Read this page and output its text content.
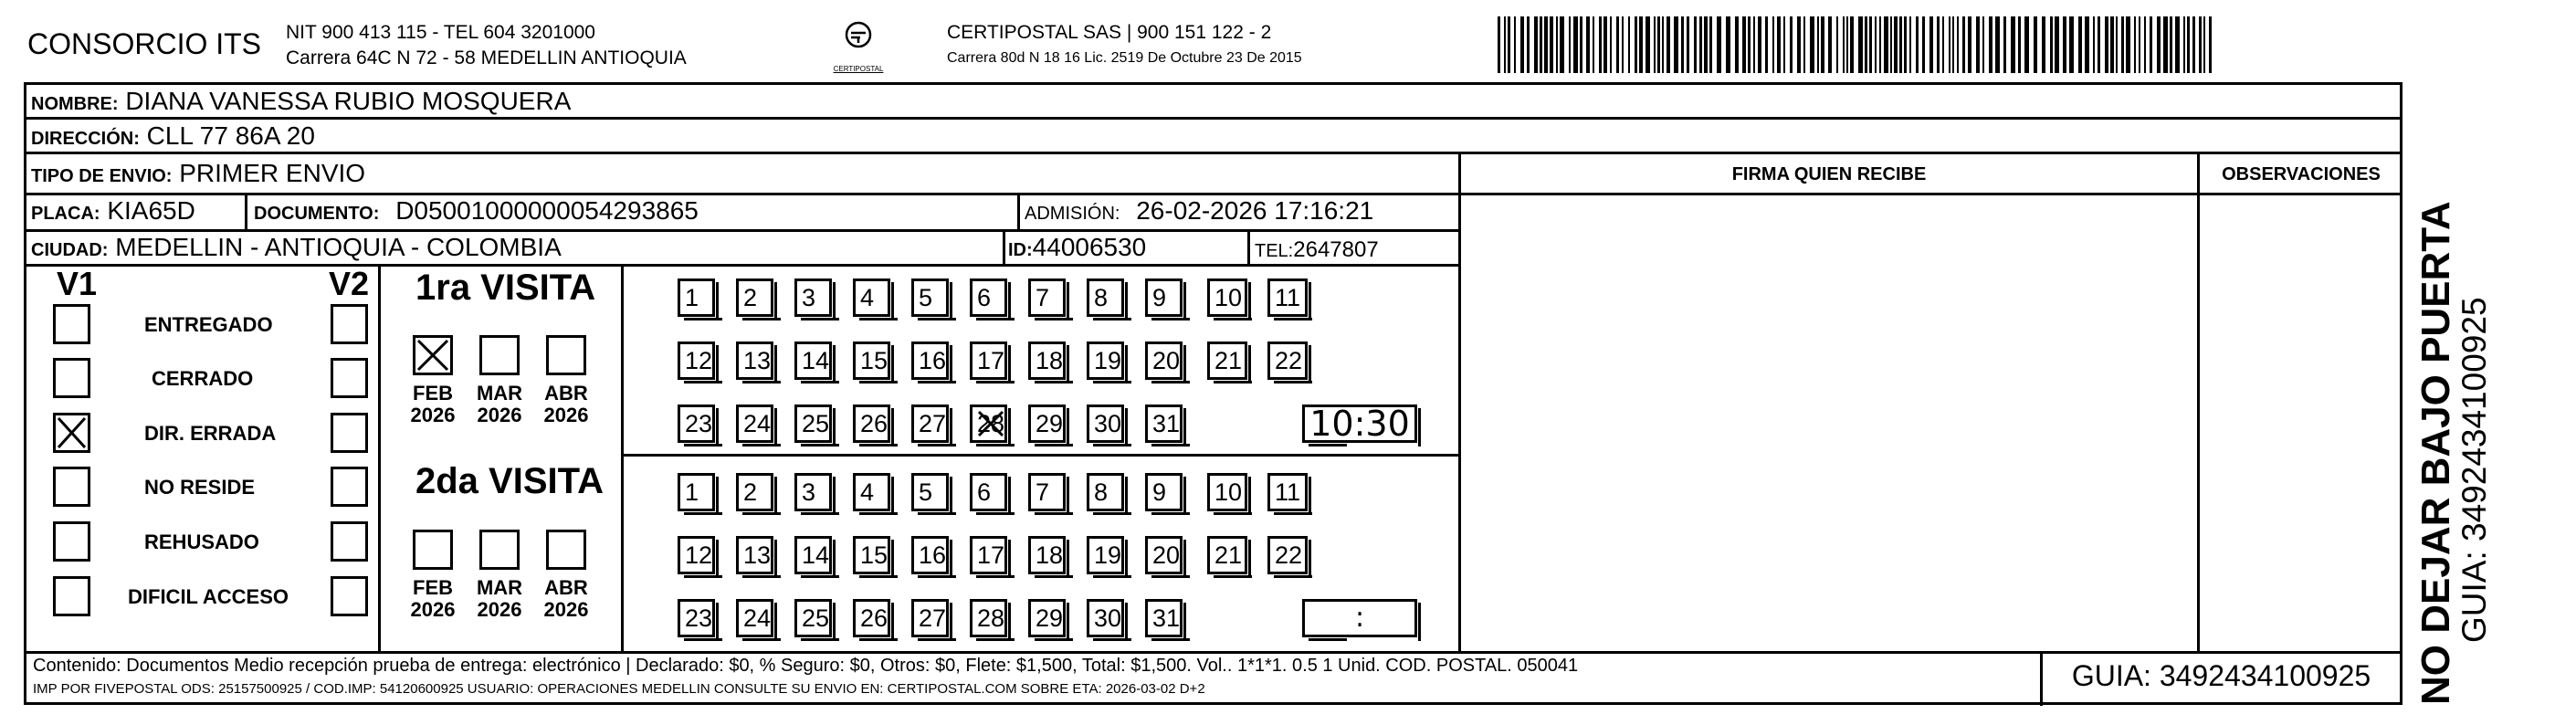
CONSORCIO ITS NIT 900 413 115 - TEL 604 3201000
Carrera 64C N 72 - 58 MEDELLIN ANTIOQUIA
CERTIPOSTAL
CERTIPOSTAL SAS | 900 151 122 - 2
Carrera 80d N 18 16 Lic. 2519 De Octubre 23 De 2015
NOMBRE: DIANA VANESSA RUBIO MOSQUERA
DIRECCIÓN: CLL 77 86A 20
TIPO DE ENVIO: PRIMER ENVIO	FIRMA QUIEN RECIBE	OBSERVACIONES
PLACA: KIA65D	DOCUMENTO: D05001000000054293865	ADMISIÓN: 26-02-2026 17:16:21
CIUDAD: MEDELLIN - ANTIOQUIA - COLOMBIA	ID:44006530	TEL:2647807
V1	V2
ENTREGADO
CERRADO
DIR. ERRADA
NO RESIDE
REHUSADO
DIFICIL ACCESO
1ra VISITA
2da VISITA
FEB
2026
MAR
2026
ABR
2026
FEB
2026
MAR
2026
ABR
2026
1	2	3	4	5	6	7	8	9	10 11
12 13 14 15 16 17 18 19 20 21 22
23 24 25 26 27 28 29 30 31	10:30
1	2	3	4	5	6	7	8	9	10 11
12 13 14 15 16 17 18 19 20 21 22
23 24 25 26 27 28 29 30 31	:
Contenido: Documentos Medio recepción prueba de entrega: electrónico | Declarado: $0, % Seguro: $0, Otros: $0, Flete: $1,500, Total: $1,500. Vol.. 1*1*1. 0.5 1 Unid. COD. POSTAL. 050041
IMP POR FIVEPOSTAL ODS: 25157500925 / COD.IMP: 54120600925 USUARIO: OPERACIONES MEDELLIN CONSULTE SU ENVIO EN: CERTIPOSTAL.COM SOBRE ETA: 2026-03-02 D+2	GUIA: 3492434100925	NO DEJAR BAJO PUERTA
GUIA: 3492434100925
